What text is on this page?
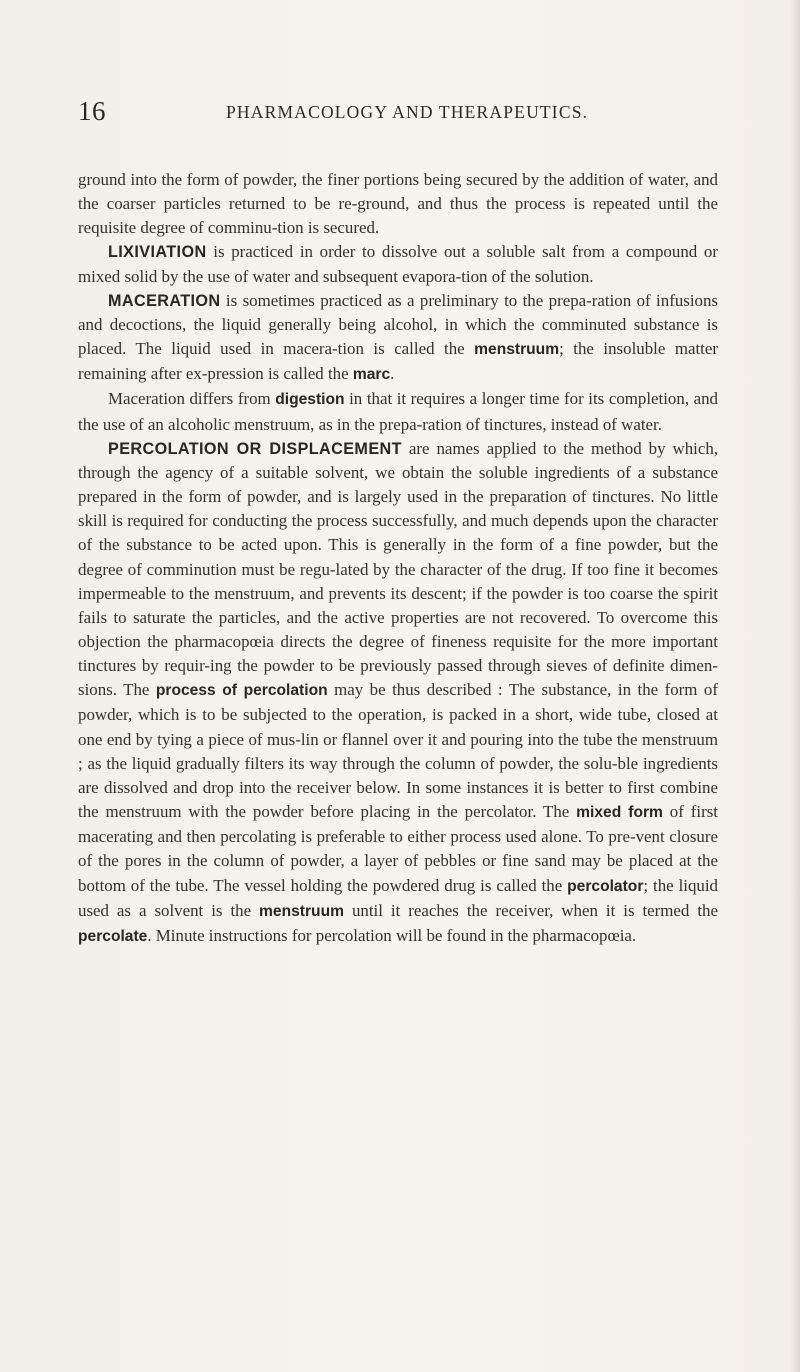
16	PHARMACOLOGY AND THERAPEUTICS.

ground into the form of powder, the finer portions being secured by the addition of water, and the coarser particles returned to be re-ground, and thus the process is repeated until the requisite degree of comminu-tion is secured.

LIXIVIATION is practiced in order to dissolve out a soluble salt from a compound or mixed solid by the use of water and subsequent evapora-tion of the solution.

MACERATION is sometimes practiced as a preliminary to the prepa-ration of infusions and decoctions, the liquid generally being alcohol, in which the comminuted substance is placed. The liquid used in macera-tion is called the menstruum; the insoluble matter remaining after ex-pression is called the marc.

Maceration differs from digestion in that it requires a longer time for its completion, and the use of an alcoholic menstruum, as in the prepa-ration of tinctures, instead of water.

PERCOLATION OR DISPLACEMENT are names applied to the method by which, through the agency of a suitable solvent, we obtain the soluble ingredients of a substance prepared in the form of powder, and is largely used in the preparation of tinctures. No little skill is required for conducting the process successfully, and much depends upon the character of the substance to be acted upon. This is generally in the form of a fine powder, but the degree of comminution must be regu-lated by the character of the drug. If too fine it becomes impermeable to the menstruum, and prevents its descent; if the powder is too coarse the spirit fails to saturate the particles, and the active properties are not recovered. To overcome this objection the pharmacopœia directs the degree of fineness requisite for the more important tinctures by requir-ing the powder to be previously passed through sieves of definite dimen-sions. The process of percolation may be thus described : The substance, in the form of powder, which is to be subjected to the operation, is packed in a short, wide tube, closed at one end by tying a piece of mus-lin or flannel over it and pouring into the tube the menstruum ; as the liquid gradually filters its way through the column of powder, the solu-ble ingredients are dissolved and drop into the receiver below. In some instances it is better to first combine the menstruum with the powder before placing in the percolator. The mixed form of first macerating and then percolating is preferable to either process used alone. To pre-vent closure of the pores in the column of powder, a layer of pebbles or fine sand may be placed at the bottom of the tube. The vessel holding the powdered drug is called the percolator; the liquid used as a solvent is the menstruum until it reaches the receiver, when it is termed the percolate. Minute instructions for percolation will be found in the pharmacopœia.
